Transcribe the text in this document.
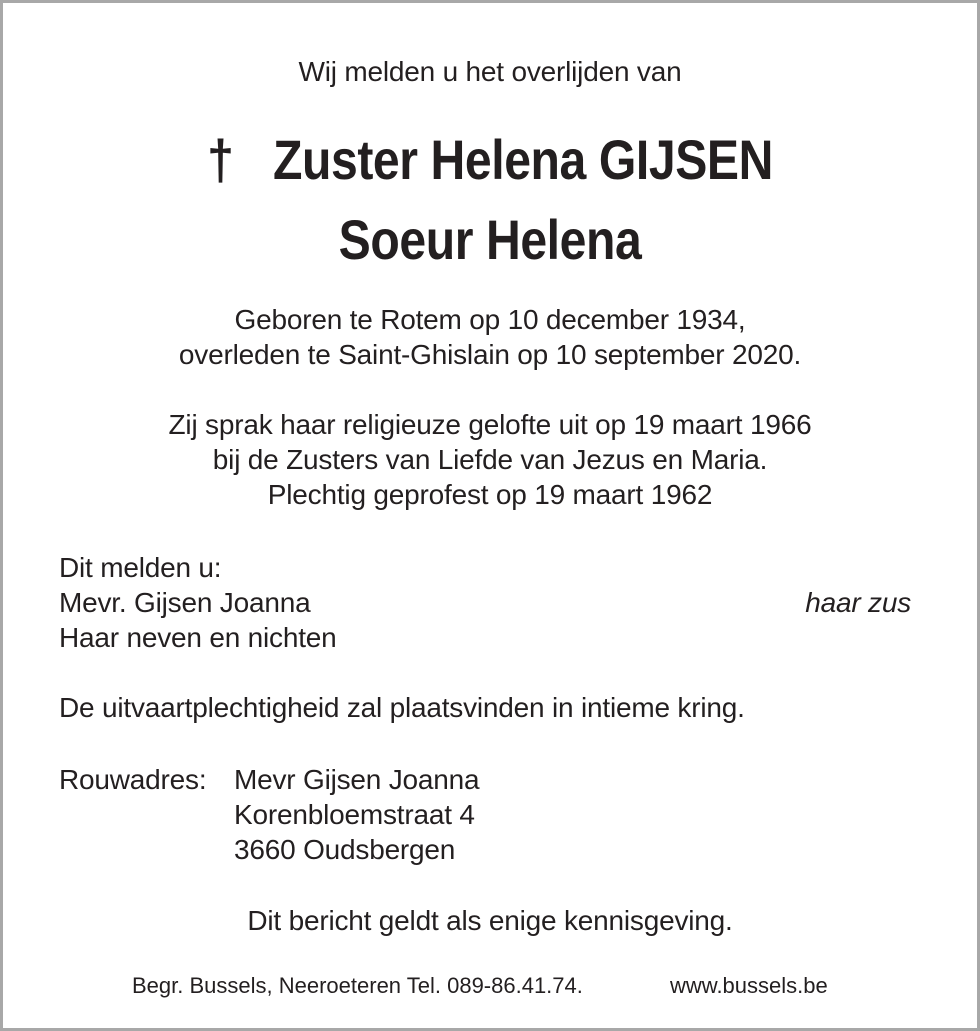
Wij melden u het overlijden van
† Zuster Helena GIJSEN
Soeur Helena
Geboren te Rotem op 10 december 1934,
overleden te Saint-Ghislain op 10 september 2020.
Zij sprak haar religieuze gelofte uit op 19 maart 1966
bij de Zusters van Liefde van Jezus en Maria.
Plechtig geprofest op 19 maart 1962
Dit melden u:
Mevr. Gijsen Joanna	haar zus
Haar neven en nichten
De uitvaartplechtigheid zal plaatsvinden in intieme kring.
Rouwadres: Mevr Gijsen Joanna
Korenbloemstraat 4
3660 Oudsbergen
Dit bericht geldt als enige kennisgeving.
Begr. Bussels, Neeroeteren Tel. 089-86.41.74.	www.bussels.be
